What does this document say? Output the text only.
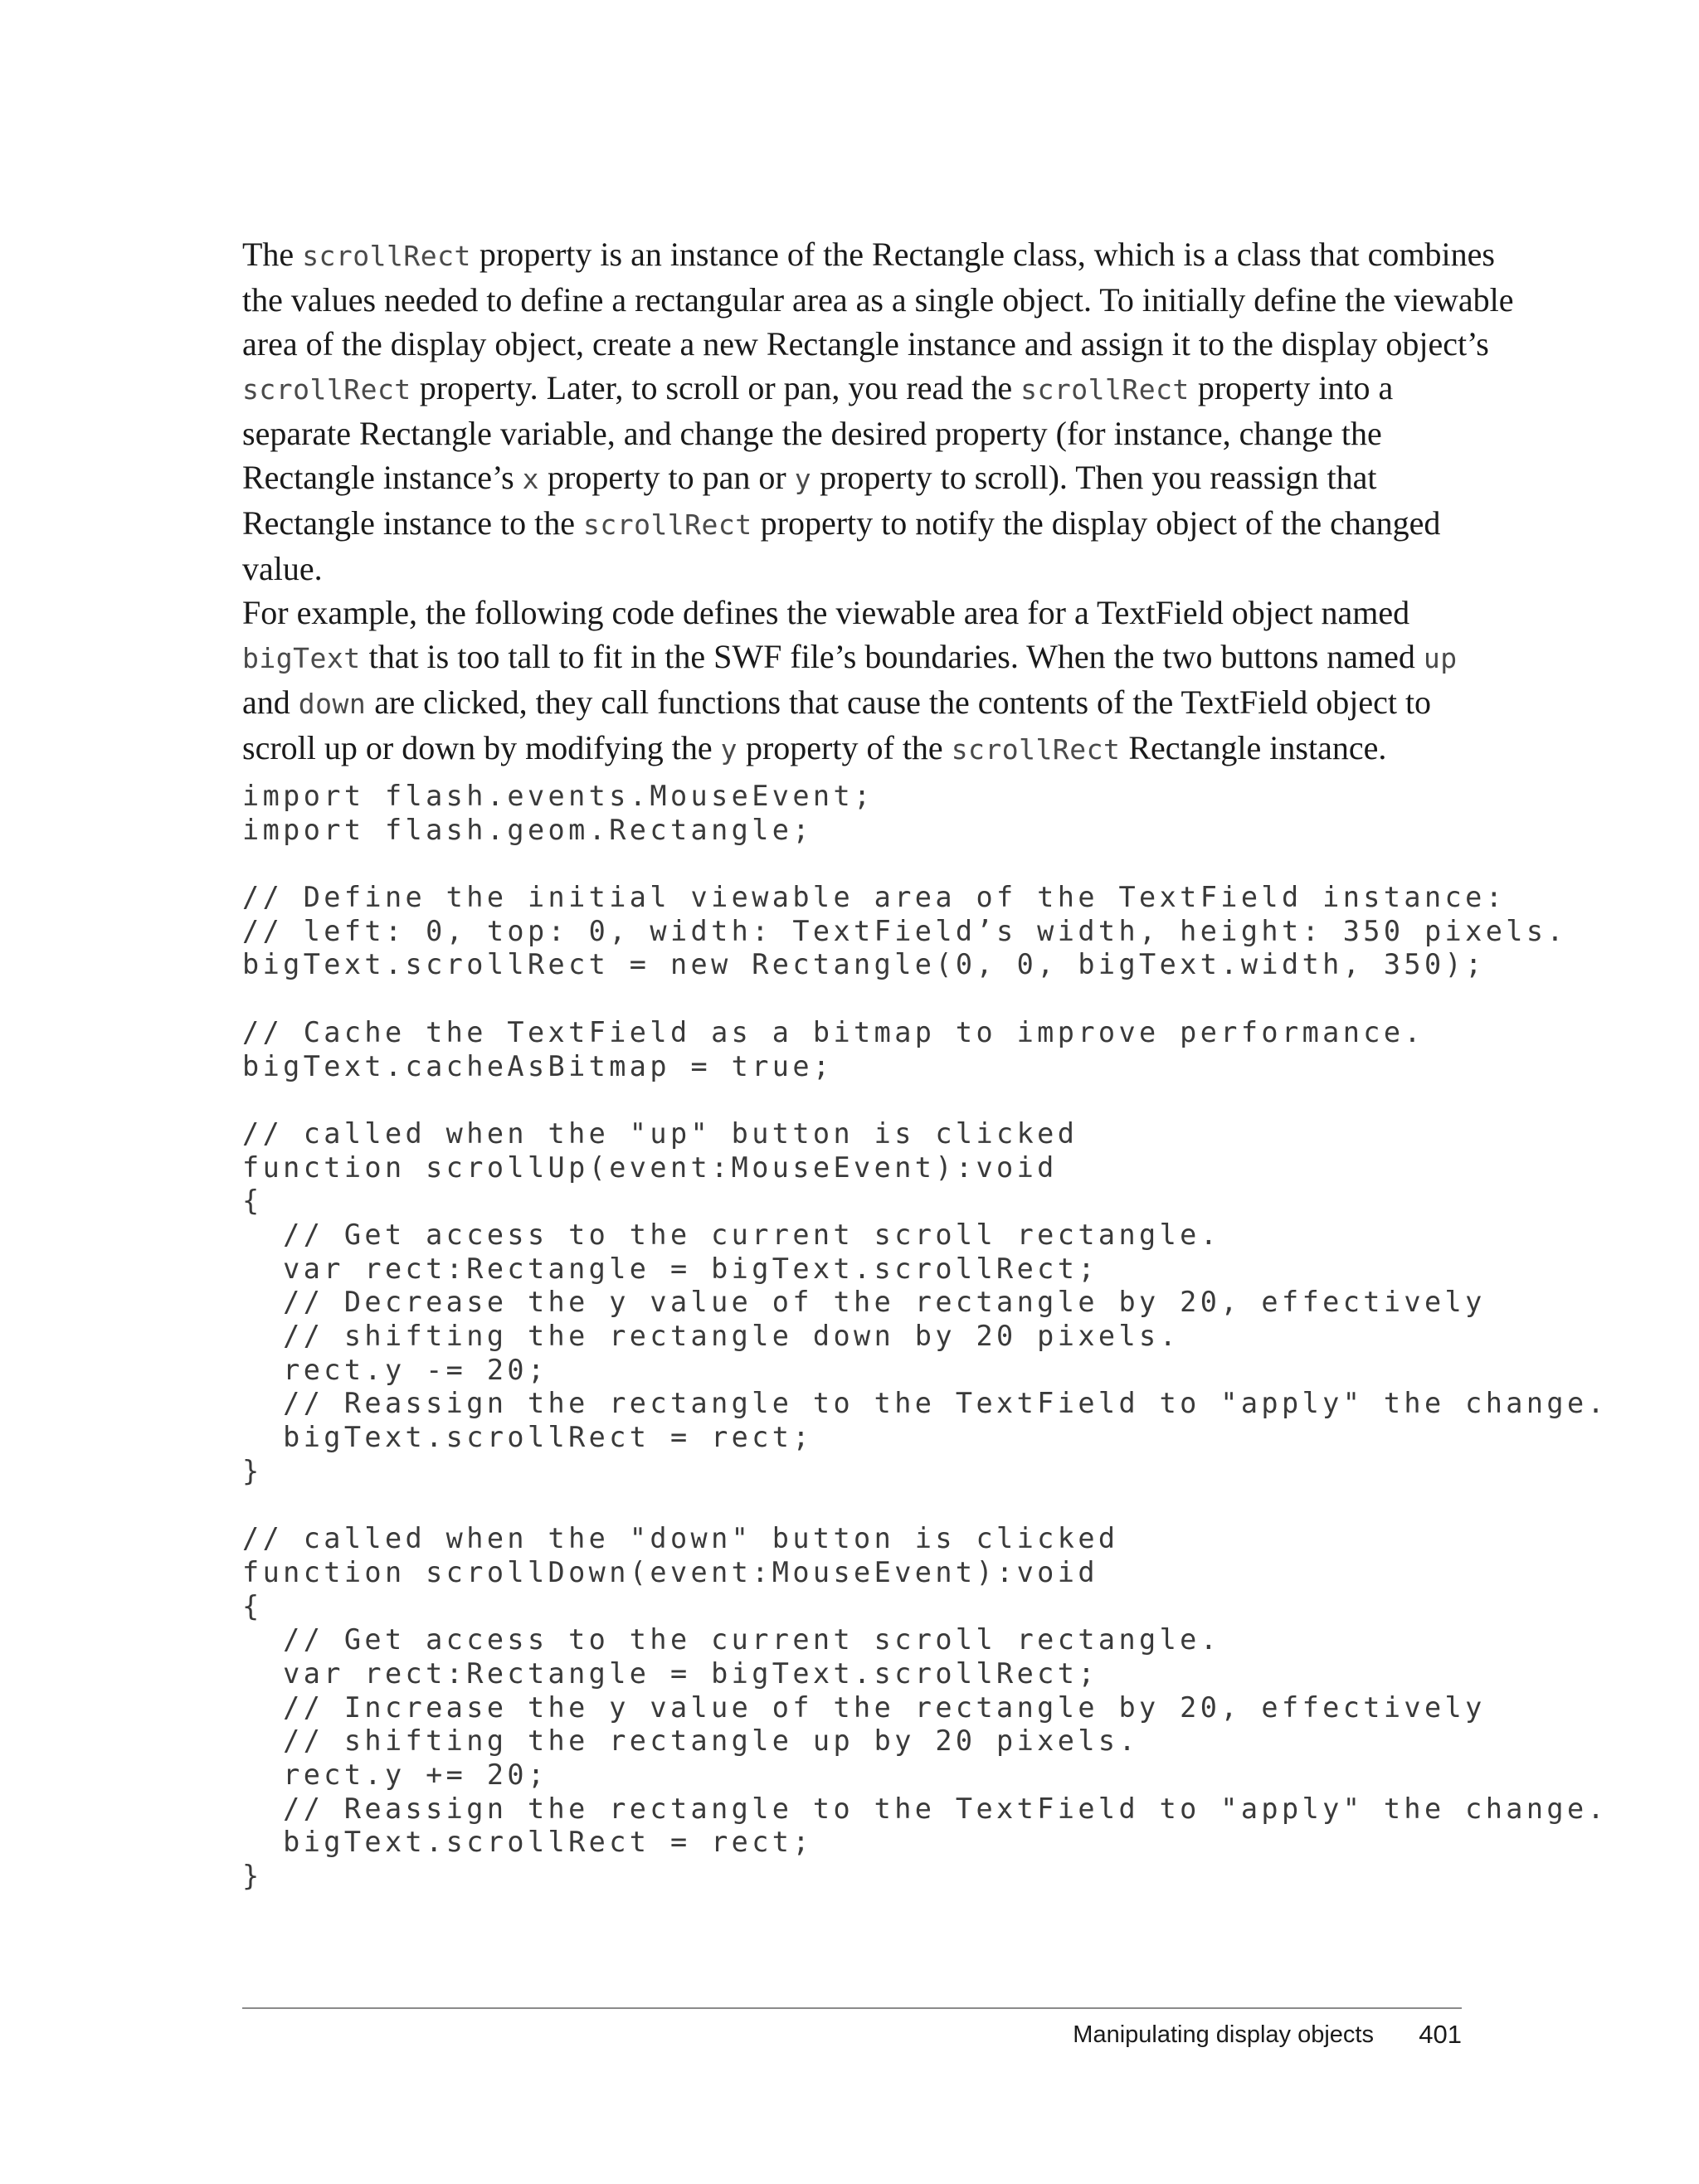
The scrollRect property is an instance of the Rectangle class, which is a class that combines
the values needed to define a rectangular area as a single object. To initially define the viewable
area of the display object, create a new Rectangle instance and assign it to the display object’s
scrollRect property. Later, to scroll or pan, you read the scrollRect property into a
separate Rectangle variable, and change the desired property (for instance, change the
Rectangle instance’s x property to pan or y property to scroll). Then you reassign that
Rectangle instance to the scrollRect property to notify the display object of the changed
value.

For example, the following code defines the viewable area for a TextField object named
bigText that is too tall to fit in the SWF file’s boundaries. When the two buttons named up
and down are clicked, they call functions that cause the contents of the TextField object to
scroll up or down by modifying the y property of the scrollRect Rectangle instance.

import flash.events.MouseEvent;
import flash.geom.Rectangle;
// Define the initial viewable area of the TextField instance:
// left: 0, top: 0, width: TextField’s width, height: 350 pixels.
bigText.scrollRect = new Rectangle(0, 0, bigText.width, 350);
// Cache the TextField as a bitmap to improve performance.
bigText.cacheAsBitmap = true;
// called when the "up" button is clicked
function scrollUp(event:MouseEvent):void
{
// Get access to the current scroll rectangle.
var rect:Rectangle = bigText.scrollRect;
// Decrease the y value of the rectangle by 20, effectively
// shifting the rectangle down by 20 pixels.
rect.y -= 20;
// Reassign the rectangle to the TextField to "apply" the change.
bigText.scrollRect = rect;
}
// called when the "down" button is clicked
function scrollDown(event:MouseEvent):void
{
// Get access to the current scroll rectangle.
var rect:Rectangle = bigText.scrollRect;
// Increase the y value of the rectangle by 20, effectively
// shifting the rectangle up by 20 pixels.
rect.y += 20;
// Reassign the rectangle to the TextField to "apply" the change.
bigText.scrollRect = rect;
}
Manipulating display objects 401
